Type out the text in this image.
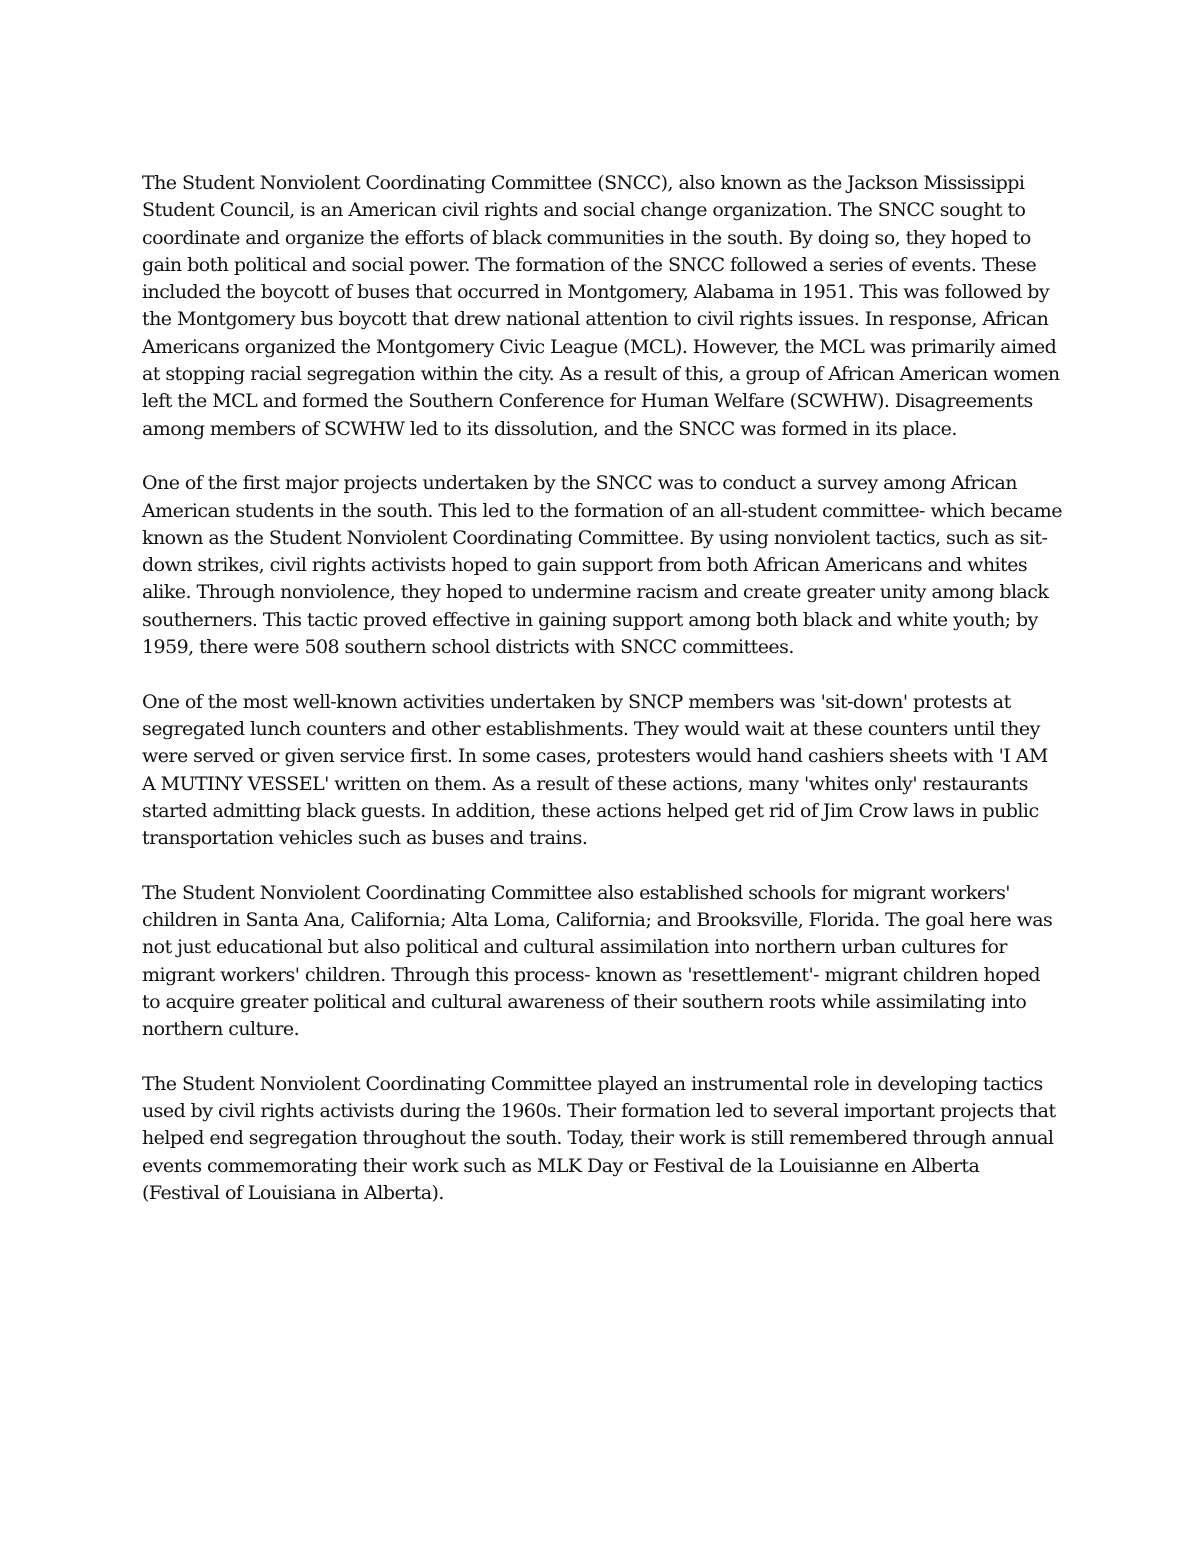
The Student Nonviolent Coordinating Committee (SNCC), also known as the Jackson Mississippi Student Council, is an American civil rights and social change organization. The SNCC sought to coordinate and organize the efforts of black communities in the south. By doing so, they hoped to gain both political and social power. The formation of the SNCC followed a series of events. These included the boycott of buses that occurred in Montgomery, Alabama in 1951. This was followed by the Montgomery bus boycott that drew national attention to civil rights issues. In response, African Americans organized the Montgomery Civic League (MCL). However, the MCL was primarily aimed at stopping racial segregation within the city. As a result of this, a group of African American women left the MCL and formed the Southern Conference for Human Welfare (SCWHW). Disagreements among members of SCWHW led to its dissolution, and the SNCC was formed in its place.

One of the first major projects undertaken by the SNCC was to conduct a survey among African American students in the south. This led to the formation of an all-student committee- which became known as the Student Nonviolent Coordinating Committee. By using nonviolent tactics, such as sit-down strikes, civil rights activists hoped to gain support from both African Americans and whites alike. Through nonviolence, they hoped to undermine racism and create greater unity among black southerners. This tactic proved effective in gaining support among both black and white youth; by 1959, there were 508 southern school districts with SNCC committees.

One of the most well-known activities undertaken by SNCP members was 'sit-down' protests at segregated lunch counters and other establishments. They would wait at these counters until they were served or given service first. In some cases, protesters would hand cashiers sheets with 'I AM A MUTINY VESSEL' written on them. As a result of these actions, many 'whites only' restaurants started admitting black guests. In addition, these actions helped get rid of Jim Crow laws in public transportation vehicles such as buses and trains.

The Student Nonviolent Coordinating Committee also established schools for migrant workers' children in Santa Ana, California; Alta Loma, California; and Brooksville, Florida. The goal here was not just educational but also political and cultural assimilation into northern urban cultures for migrant workers' children. Through this process- known as 'resettlement'- migrant children hoped to acquire greater political and cultural awareness of their southern roots while assimilating into northern culture.

The Student Nonviolent Coordinating Committee played an instrumental role in developing tactics used by civil rights activists during the 1960s. Their formation led to several important projects that helped end segregation throughout the south. Today, their work is still remembered through annual events commemorating their work such as MLK Day or Festival de la Louisianne en Alberta (Festival of Louisiana in Alberta).
